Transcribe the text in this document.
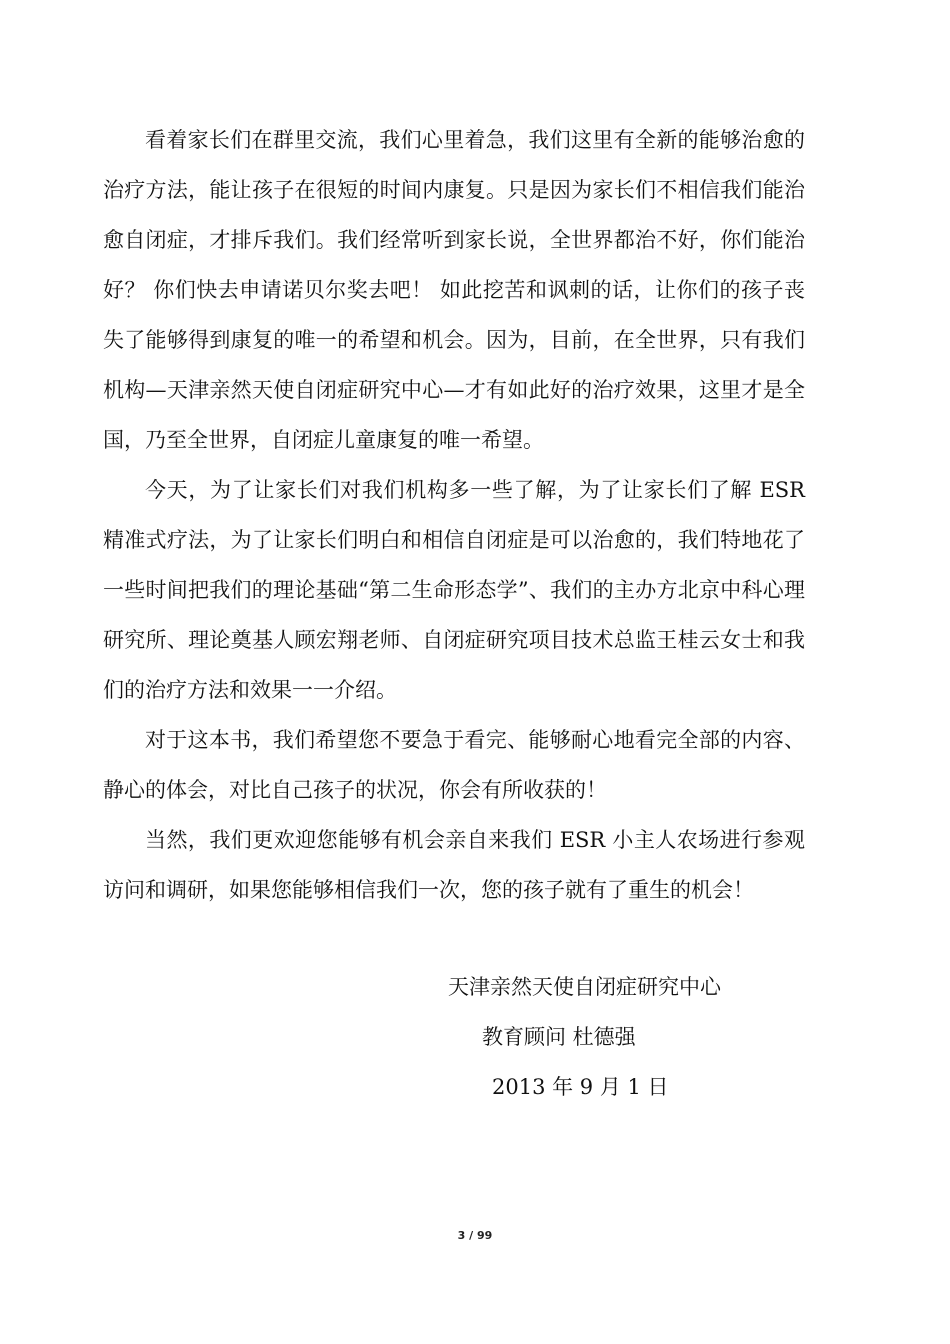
看着家长们在群里交流，我们心里着急，我们这里有全新的能够治愈的治疗方法，能让孩子在很短的时间内康复。只是因为家长们不相信我们能治愈自闭症，才排斥我们。我们经常听到家长说，全世界都治不好，你们能治好？ 你们快去申请诺贝尔奖去吧！ 如此挖苦和讽刺的话，让你们的孩子丧失了能够得到康复的唯一的希望和机会。因为，目前，在全世界，只有我们机构—天津亲然天使自闭症研究中心—才有如此好的治疗效果，这里才是全国，乃至全世界，自闭症儿童康复的唯一希望。

今天，为了让家长们对我们机构多一些了解，为了让家长们了解 ESR 精准式疗法，为了让家长们明白和相信自闭症是可以治愈的，我们特地花了一些时间把我们的理论基础“第二生命形态学”、我们的主办方北京中科心理研究所、理论奠基人顾宏翔老师、自闭症研究项目技术总监王桂云女士和我们的治疗方法和效果一一介绍。

对于这本书，我们希望您不要急于看完、能够耐心地看完全部的内容、静心的体会，对比自己孩子的状况，你会有所收获的！

当然，我们更欢迎您能够有机会亲自来我们 ESR 小主人农场进行参观访问和调研，如果您能够相信我们一次，您的孩子就有了重生的机会！

天津亲然天使自闭症研究中心
教育顾问 杜德强
2013 年 9 月 1 日
3 / 99
